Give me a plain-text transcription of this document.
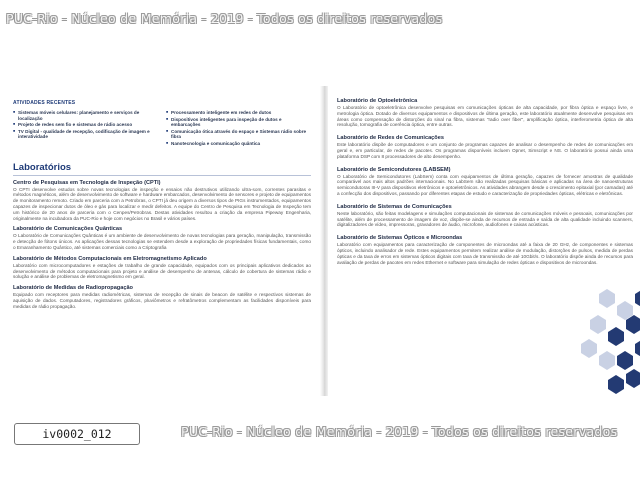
PUC-Rio - Núcleo de Memória - 2019 - Todos os direitos reservados
ATIVIDADES RECENTES
■ Sistemas móveis celulares: planejamento e serviços de localização
■ Projeto de redes sem fio e sistemas de rádio acesso
■ TV Digital - qualidade de recepção, codificação de imagem e interatividade
■ Processamento inteligente em redes de dutos
■ Dispositivos inteligentes para inspeção de dutos e embarcações
■ Comunicação ótica através do espaço e Sistemas rádio sobre fibra
■ Nanotecnologia e comunicação quântica
Laboratórios
Centro de Pesquisas em Tecnologia de Inspeção (CPTI)
O CPTI desenvolve estudos sobre novas tecnologias de inspeção e ensaios não destrutivos utilizando ultra-som, correntes parasitas e métodos magnéticos, além de desenvolvimento de software e hardware embarcados, desenvolvimento de sensores e projeto de equipamentos de monitoramento remoto. Criado em parceria com a Petrobras, o CPTI já deu origem a diversos tipos de PIGs instrumentados, equipamentos capazes de inspecionar dutos de óleo e gás para localizar e medir defeitos. A equipe do Centro de Pesquisa em Tecnologia de Inspeção tem um histórico de 20 anos de parceria com o Cenpes/Petrobras. Destas atividades resultou a criação da empresa Pipeway Engenharia, originalmente na incubadora da PUC-Rio e hoje com negócios no Brasil e vários países.
Laboratório de Comunicações Quânticas
O Laboratório de Comunicações Quânticas é um ambiente de desenvolvimento de novas tecnologias para geração, manipulação, transmissão e detecção de fótons únicos. As aplicações dessas tecnologias se estendem desde a exploração de propriedades físicas fundamentais, como o Emaranhamento Quântico, até sistemas comerciais como a Criptografia
Laboratório de Métodos Computacionais em Eletromagnetismo Aplicado
Laboratório com microcomputadores e estações de trabalho de grande capacidade, equipados com os principais aplicativos dedicados ao desenvolvimento de métodos computacionais para projeto e análise de desempenho de antenas, cálculo de cobertura de sistemas rádio e solução e análise de problemas de eletromagnetismo em geral.
Laboratório de Medidas de Radiopropagação
Equipado com receptores para medidas radiométricas, sistemas de recepção de sinais de beacon de satélite e respectivos sistemas de aquisição de dados. Computadores, registradores gráficos, pluviômetros e refratômetros complementam as facilidades disponíveis para medidas de rádio propagação.
Laboratório de Optoeletrônica
O Laboratório de optoeletrônica desenvolve pesquisas em comunicações ópticas de alta capacidade, por fibra óptica e espaço livre, e metrologia óptica. Dotado de diversos equipamentos e dispositivos de última geração, este laboratório atualmente desenvolve pesquisas em áreas como compensação de distorções do sinal na fibra, sistemas "radio over fiber", amplificação óptica, interferometria óptica de alta resolução, tomografia de coerência óptica, entre outras.
Laboratório de Redes de Comunicações
Este laboratório dispõe de computadores e um conjunto de programas capazes de analisar o desempenho de redes de comunicações em geral e, em particular, de redes de pacotes. Os programas disponíveis incluem Opnet, Simscript e NS. O laboratório possui ainda uma plataforma DSP com 8 processadores de alto desempenho.
Laboratório de Semicondutores (LABSEM)
O Laboratório de Semicondutores (LabSem) conta com equipamentos de última geração, capazes de fornecer amostras de qualidade comparável aos mais altos padrões internacionais. No LabSem são realizadas pesquisas básicas e aplicadas na área de nanoestruturas semicondutoras III-V para dispositivos eletrônicos e optoeletrônicos. As atividades abrangem desde o crescimento epitaxial (por camadas) até a confecção dos dispositivos, passando por diferentes etapas de estudo e caracterização de propriedades ópticas, elétricas e eletrônicas.
Laboratório de Sistemas de Comunicações
Neste laboratório, são feitas modelagens e simulações computacionais de sistemas de comunicações móveis e pessoais, comunicações por satélite, além de processamento de imagem de voz, dispõe-se ainda de recursos de entrada e saída de alta qualidade incluindo scanners, digitalizadores de vídeo, impressoras, gravadores de áudio, microfone, audiofones e caixas acústicas.
Laboratório de Sistemas Ópticos e Microondas
Laboratório com equipamentos para caracterização de componentes de microondas até a faixa de 20 GHz, de componentes e sistemas ópticos, incluindo analisador de rede. Estes equipamentos permitem realizar análise de modulação, distorções de pulsos, medida de perdas ópticas e da taxa de erros em sistemas ópticos digitais com taxa de transmissão de até 10Gbit/s. O laboratório dispõe ainda de recursos para avaliação de perdas de pacotes em redes Ethernet e software para simulação de redes ópticas e dispositivos de microondas.
PUC-Rio - Núcleo de Memória - 2019 - Todos os direitos reservados
iv0002_012
